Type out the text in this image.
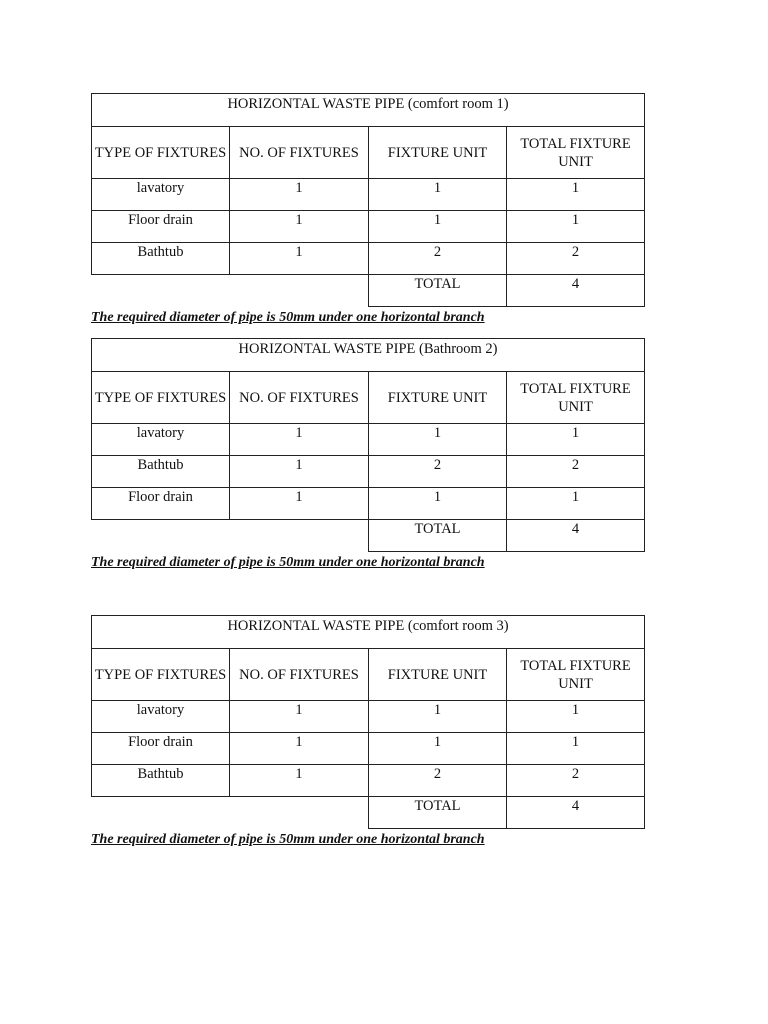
HORIZONTAL WASTE PIPE (comfort room 1)			
TYPE OF FIXTURES	NO. OF FIXTURES	FIXTURE UNIT	TOTAL FIXTURE UNIT
lavatory	1	1	1
Floor drain	1	1	1
Bathtub	1	2	2
		TOTAL	4
The required diameter of pipe is 50mm under one horizontal branch
HORIZONTAL WASTE PIPE (Bathroom 2)			
TYPE OF FIXTURES	NO. OF FIXTURES	FIXTURE UNIT	TOTAL FIXTURE UNIT
lavatory	1	1	1
Bathtub	1	2	2
Floor drain	1	1	1
		TOTAL	4
The required diameter of pipe is 50mm under one horizontal branch
HORIZONTAL WASTE PIPE (comfort room 3)			
TYPE OF FIXTURES	NO. OF FIXTURES	FIXTURE UNIT	TOTAL FIXTURE UNIT
lavatory	1	1	1
Floor drain	1	1	1
Bathtub	1	2	2
		TOTAL	4
The required diameter of pipe is 50mm under one horizontal branch
